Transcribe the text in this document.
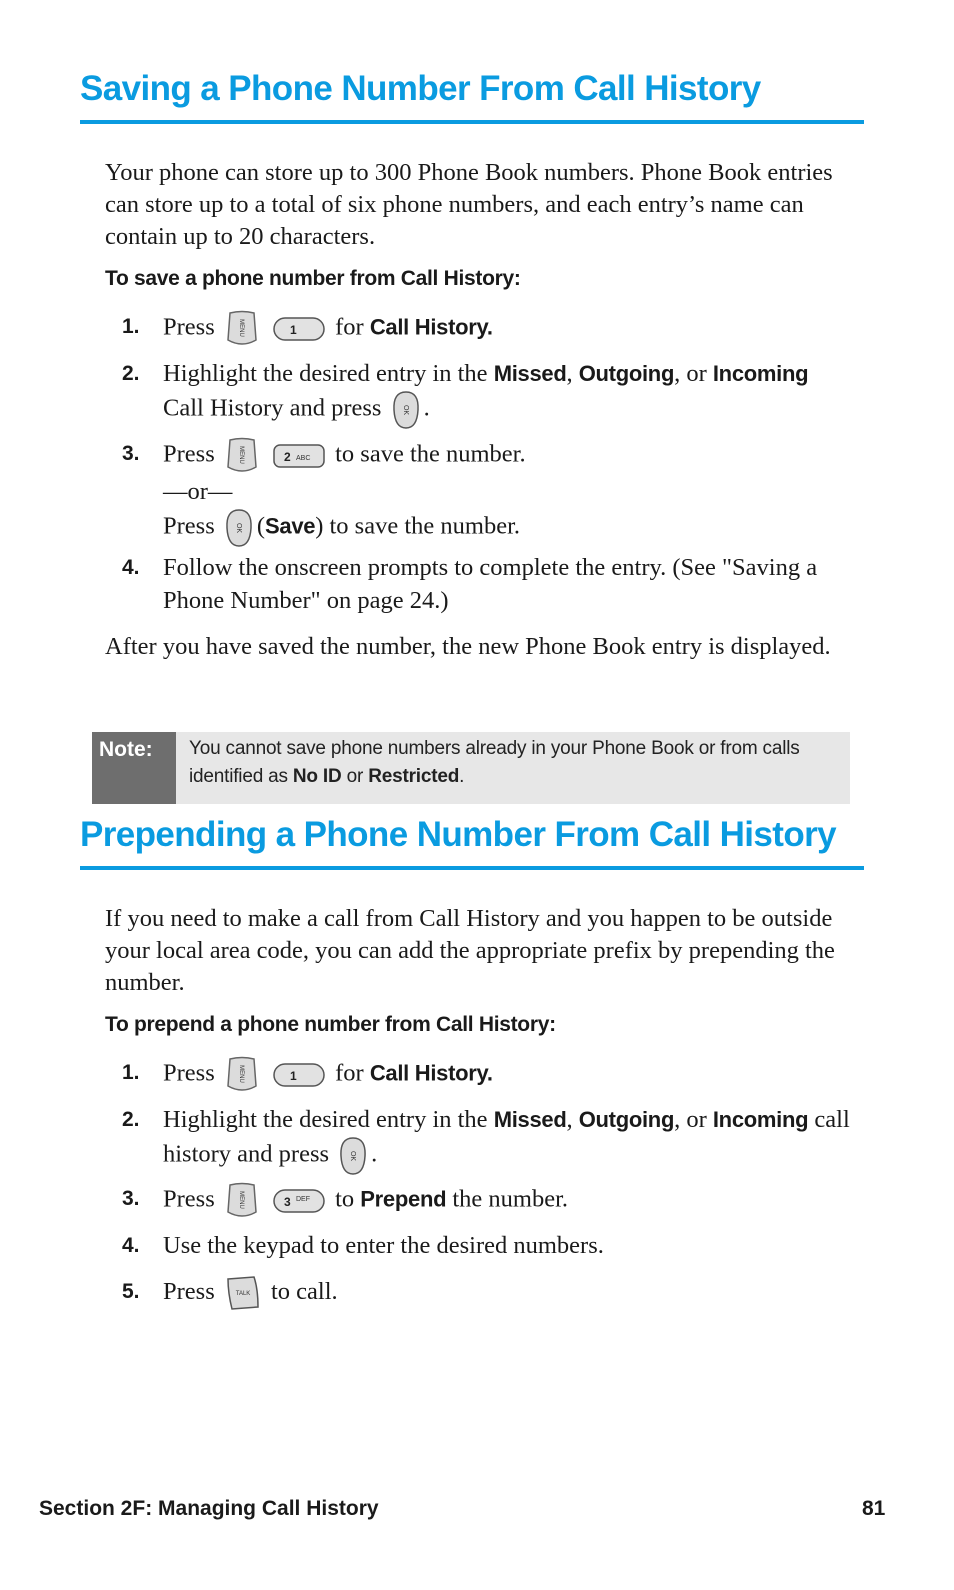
Saving a Phone Number From Call History

Your phone can store up to 300 Phone Book numbers. Phone Book entries can store up to a total of six phone numbers, and each entry’s name can contain up to 20 characters.

To save a phone number from Call History:
1. Press	MENU
	1 for Call History.
2. Highlight the desired entry in the Missed, Outgoing, or Incoming Call History and press	OK .
3. Press	MENU
	2 ABC to save the number.
—or—
Press	OK (Save) to save the number.
4. Follow the onscreen prompts to complete the entry. (See "Saving a Phone Number" on page 24.)

After you have saved the number, the new Phone Book entry is displayed.

Note:	You cannot save phone numbers already in your Phone Book or from calls identified as No ID or Restricted.
Prepending a Phone Number From Call History

If you need to make a call from Call History and you happen to be outside your local area code, you can add the appropriate prefix by prepending the number.

To prepend a phone number from Call History:
1. Press	MENU
	1 for Call History.
2. Highlight the desired entry in the Missed, Outgoing, or Incoming call history and press	OK .
3. Press	MENU
	3 DEF to Prepend the number.
4. Use the keypad to enter the desired numbers.
5. Press	TALK to call.
Section 2F: Managing Call History	81
